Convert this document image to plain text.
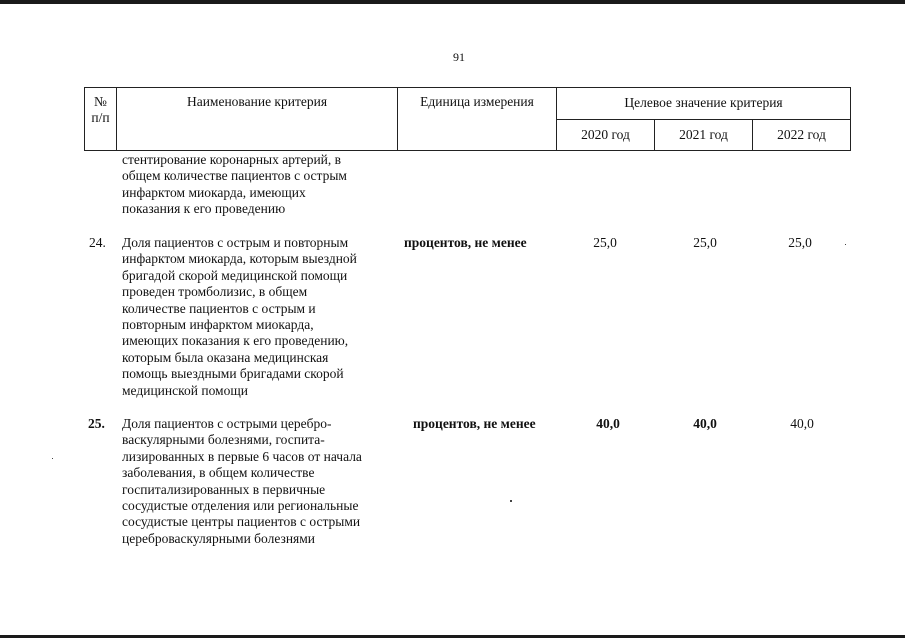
91
№
п/п
Наименование критерия	Единица измерения	Целевое значение критерия
2020 год	2021 год	2022 год
стентирование коронарных артерий, в
общем количестве пациентов с острым
инфарктом миокарда, имеющих
показания к его проведению
24. Доля пациентов с острым и повторным
инфарктом миокарда, которым выездной
бригадой скорой медицинской помощи
проведен тромболизис, в общем
количестве пациентов с острым и
повторным инфарктом миокарда,
имеющих показания к его проведению,
которым была оказана медицинская
помощь выездными бригадами скорой
медицинской помощи
процентов, не менее	25,0	25,0	25,0
25. Доля пациентов с острыми церебро-
васкулярными болезнями, госпита-
лизированных в первые 6 часов от начала
заболевания, в общем количестве
госпитализированных в первичные
сосудистые отделения или региональные
сосудистые центры пациентов с острыми
цереброваскулярными болезнями
процентов, не менее	40,0	40,0	40,0
